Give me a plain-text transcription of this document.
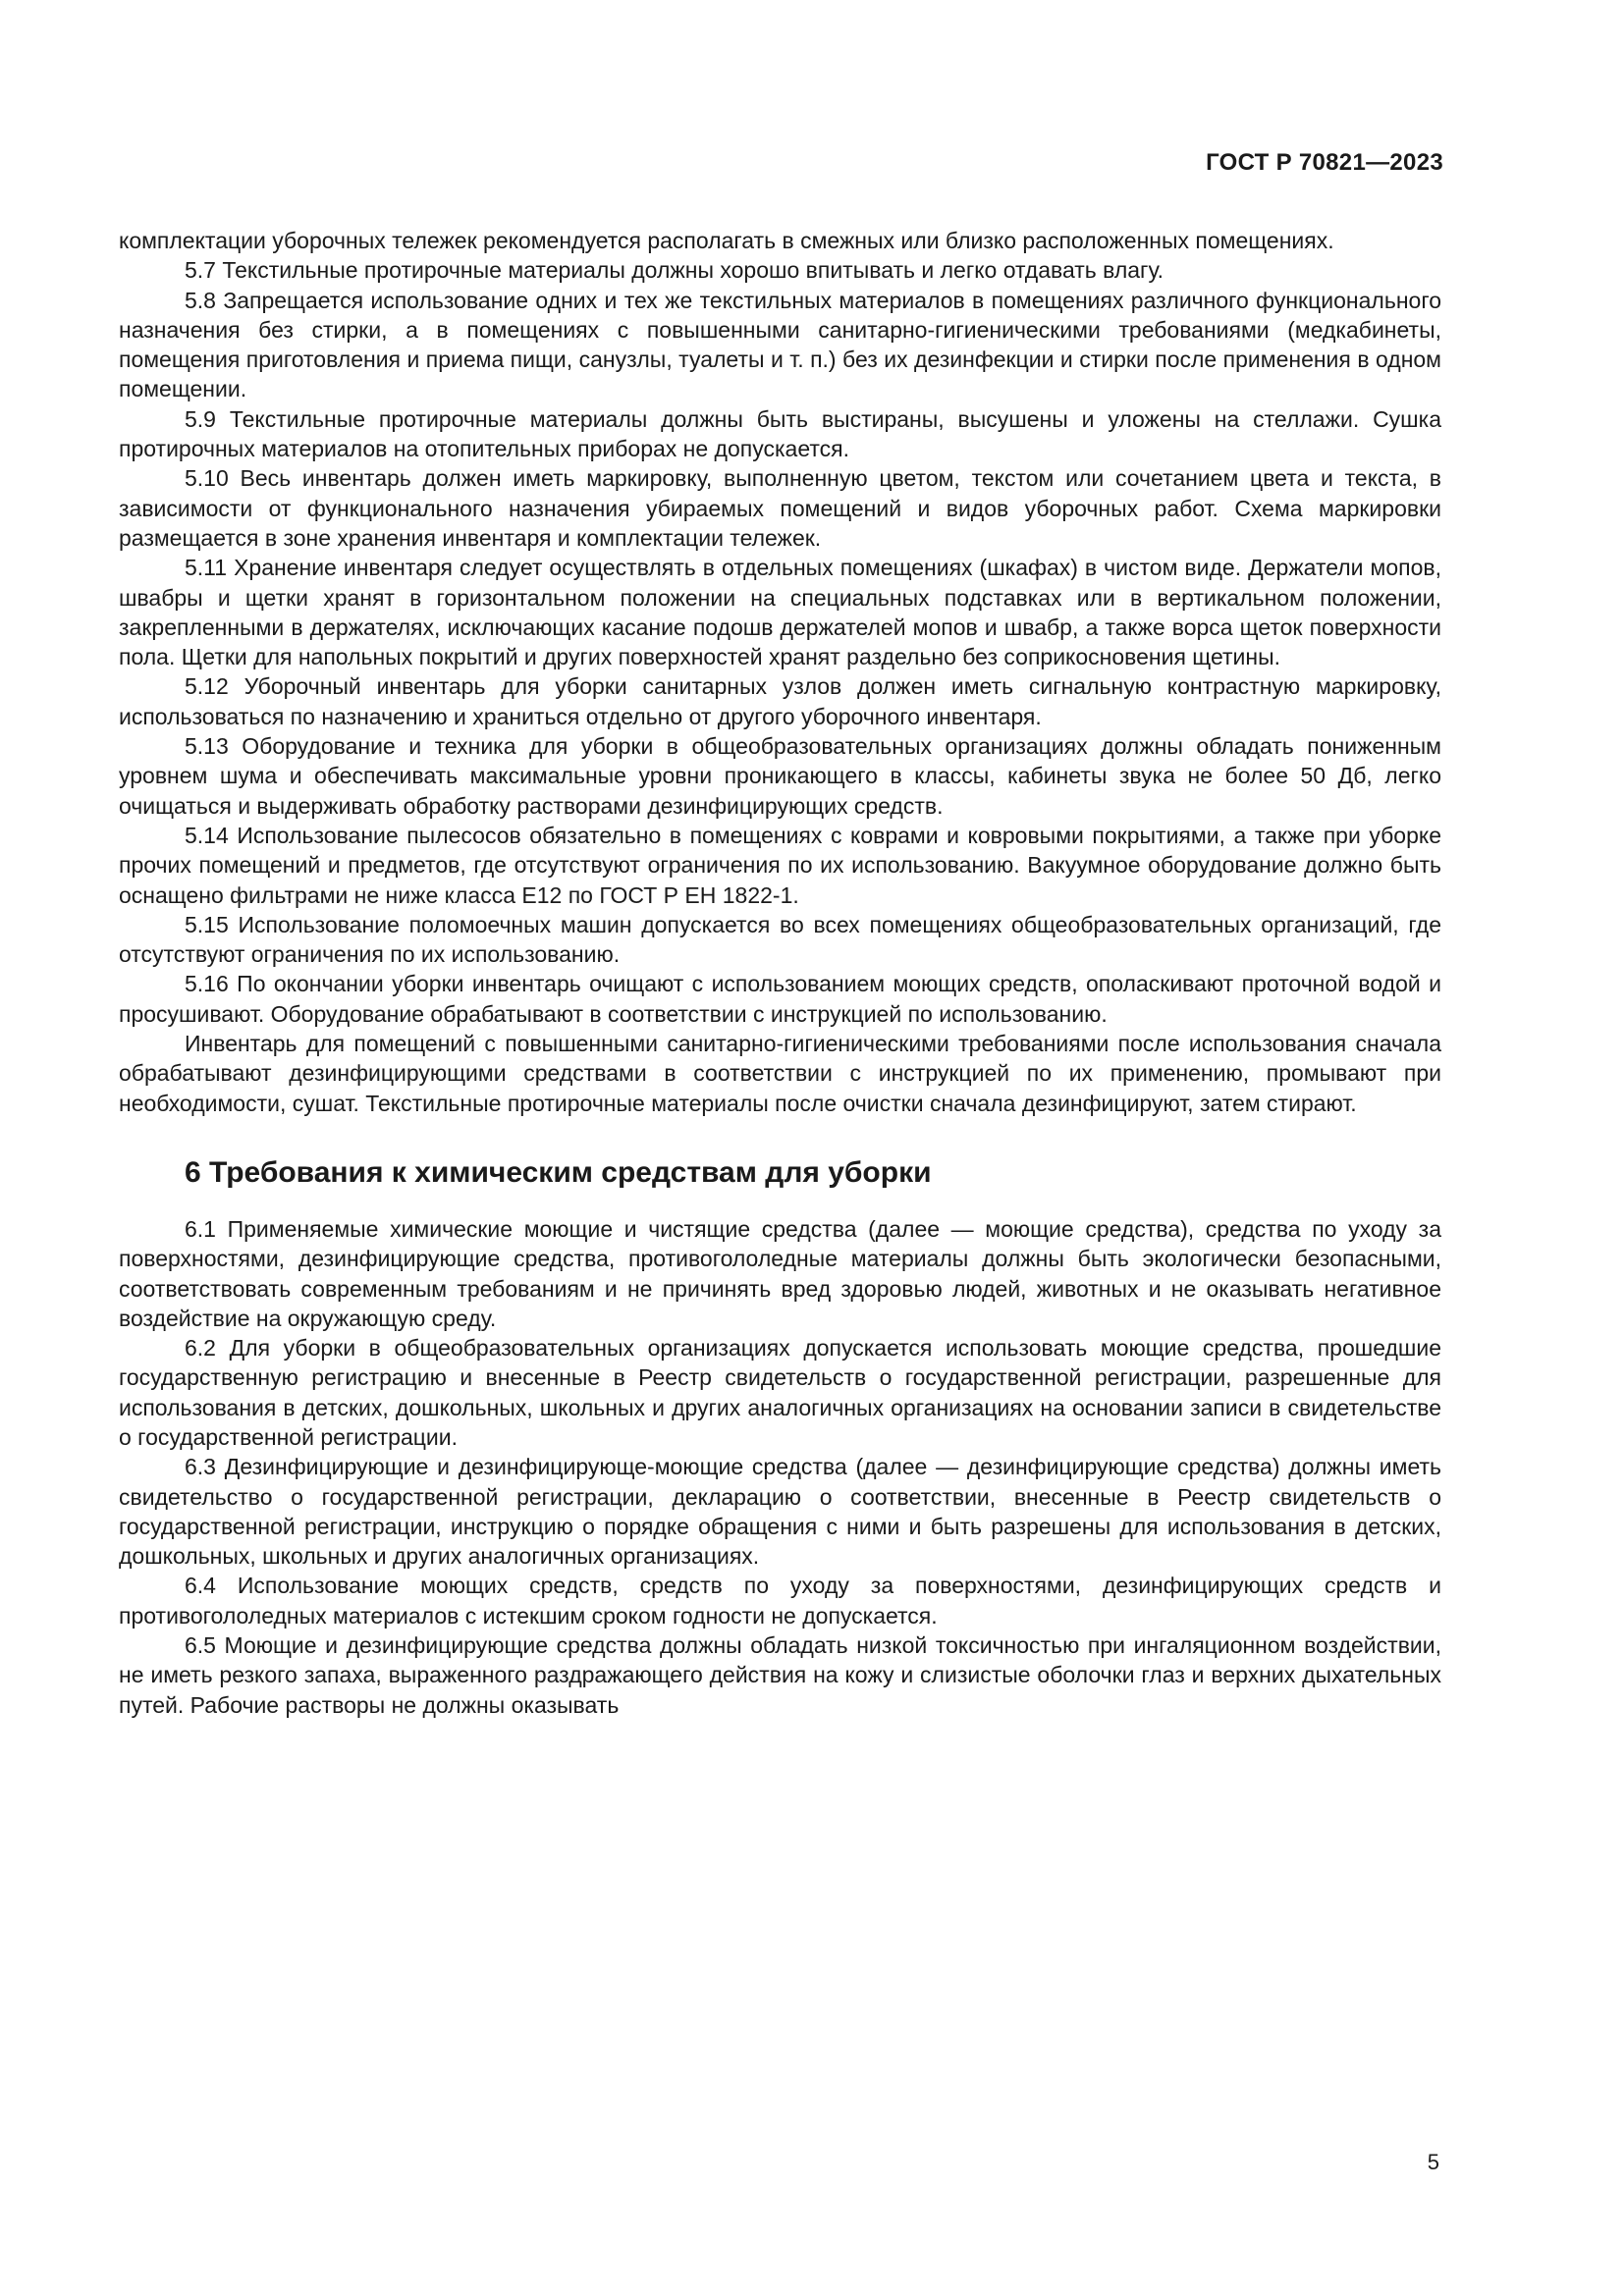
ГОСТ Р 70821—2023

комплектации уборочных тележек рекомендуется располагать в смежных или близко расположенных помещениях.

5.7 Текстильные протирочные материалы должны хорошо впитывать и легко отдавать влагу.

5.8 Запрещается использование одних и тех же текстильных материалов в помещениях различного функционального назначения без стирки, а в помещениях с повышенными санитарно-гигиеническими требованиями (медкабинеты, помещения приготовления и приема пищи, санузлы, туалеты и т. п.) без их дезинфекции и стирки после применения в одном помещении.

5.9 Текстильные протирочные материалы должны быть выстираны, высушены и уложены на стеллажи. Сушка протирочных материалов на отопительных приборах не допускается.

5.10 Весь инвентарь должен иметь маркировку, выполненную цветом, текстом или сочетанием цвета и текста, в зависимости от функционального назначения убираемых помещений и видов уборочных работ. Схема маркировки размещается в зоне хранения инвентаря и комплектации тележек.

5.11 Хранение инвентаря следует осуществлять в отдельных помещениях (шкафах) в чистом виде. Держатели мопов, швабры и щетки хранят в горизонтальном положении на специальных подставках или в вертикальном положении, закрепленными в держателях, исключающих касание подошв держателей мопов и швабр, а также ворса щеток поверхности пола. Щетки для напольных покрытий и других поверхностей хранят раздельно без соприкосновения щетины.

5.12 Уборочный инвентарь для уборки санитарных узлов должен иметь сигнальную контрастную маркировку, использоваться по назначению и храниться отдельно от другого уборочного инвентаря.

5.13 Оборудование и техника для уборки в общеобразовательных организациях должны обладать пониженным уровнем шума и обеспечивать максимальные уровни проникающего в классы, кабинеты звука не более 50 Дб, легко очищаться и выдерживать обработку растворами дезинфицирующих средств.

5.14 Использование пылесосов обязательно в помещениях с коврами и ковровыми покрытиями, а также при уборке прочих помещений и предметов, где отсутствуют ограничения по их использованию. Вакуумное оборудование должно быть оснащено фильтрами не ниже класса Е12 по ГОСТ Р ЕН 1822-1.

5.15 Использование поломоечных машин допускается во всех помещениях общеобразовательных организаций, где отсутствуют ограничения по их использованию.

5.16 По окончании уборки инвентарь очищают с использованием моющих средств, ополаскивают проточной водой и просушивают. Оборудование обрабатывают в соответствии с инструкцией по использованию.

Инвентарь для помещений с повышенными санитарно-гигиеническими требованиями после использования сначала обрабатывают дезинфицирующими средствами в соответствии с инструкцией по их применению, промывают при необходимости, сушат. Текстильные протирочные материалы после очистки сначала дезинфицируют, затем стирают.

6 Требования к химическим средствам для уборки

6.1 Применяемые химические моющие и чистящие средства (далее — моющие средства), средства по уходу за поверхностями, дезинфицирующие средства, противогололедные материалы должны быть экологически безопасными, соответствовать современным требованиям и не причинять вред здоровью людей, животных и не оказывать негативное воздействие на окружающую среду.

6.2 Для уборки в общеобразовательных организациях допускается использовать моющие средства, прошедшие государственную регистрацию и внесенные в Реестр свидетельств о государственной регистрации, разрешенные для использования в детских, дошкольных, школьных и других аналогичных организациях на основании записи в свидетельстве о государственной регистрации.

6.3 Дезинфицирующие и дезинфицирующе-моющие средства (далее — дезинфицирующие средства) должны иметь свидетельство о государственной регистрации, декларацию о соответствии, внесенные в Реестр свидетельств о государственной регистрации, инструкцию о порядке обращения с ними и быть разрешены для использования в детских, дошкольных, школьных и других аналогичных организациях.

6.4 Использование моющих средств, средств по уходу за поверхностями, дезинфицирующих средств и противогололедных материалов с истекшим сроком годности не допускается.

6.5 Моющие и дезинфицирующие средства должны обладать низкой токсичностью при ингаляционном воздействии, не иметь резкого запаха, выраженного раздражающего действия на кожу и слизистые оболочки глаз и верхних дыхательных путей. Рабочие растворы не должны оказывать

5
